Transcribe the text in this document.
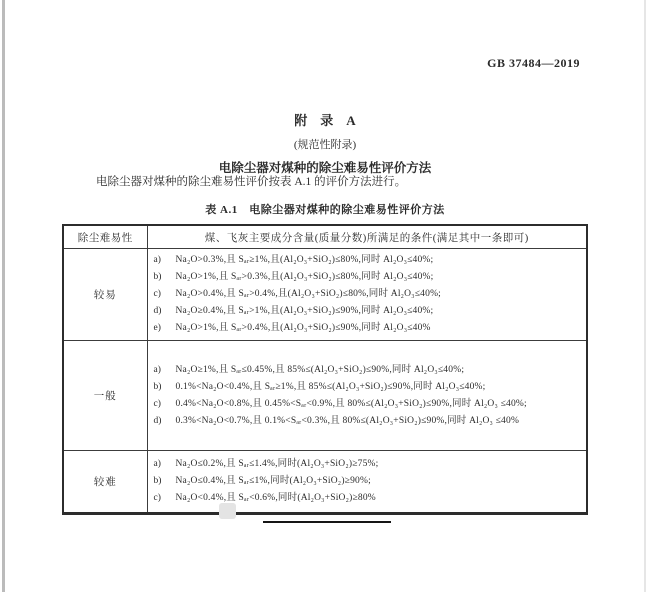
GB 37484—2019
附　录　A
(规范性附录)
电除尘器对煤种的除尘难易性评价方法

电除尘器对煤种的除尘难易性评价按表 A.1 的评价方法进行。

表 A.1　电除尘器对煤种的除尘难易性评价方法
除尘难易性	煤、飞灰主要成分含量(质量分数)所满足的条件(满足其中一条即可)
较易	
a)	Na₂O>0.3%,且 Sₐᵣ≥1%,且(Al₂O₃+SiO₂)≤80%,同时 Al₂O₃≤40%;
b)	Na₂O>1%,且 Sₐᵣ>0.3%,且(Al₂O₃+SiO₂)≤80%,同时 Al₂O₃≤40%;
c)	Na₂O>0.4%,且 Sₐᵣ>0.4%,且(Al₂O₃+SiO₂)≤80%,同时 Al₂O₃≤40%;
d)	Na₂O≥0.4%,且 Sₐᵣ>1%,且(Al₂O₃+SiO₂)≤90%,同时 Al₂O₃≤40%;
e)	Na₂O>1%,且 Sₐᵣ>0.4%,且(Al₂O₃+SiO₂)≤90%,同时 Al₂O₃≤40%

一般	
a)	Na₂O≥1%,且 Sₐᵣ≤0.45%,且 85%≤(Al₂O₃+SiO₂)≤90%,同时 Al₂O₃≤40%;
b)	0.1%<Na₂O<0.4%,且 Sₐᵣ≥1%,且 85%≤(Al₂O₃+SiO₂)≤90%,同时 Al₂O₃≤40%;
c)	0.4%<Na₂O<0.8%,且 0.45%<Sₐᵣ<0.9%,且 80%≤(Al₂O₃+SiO₂)≤90%,同时 Al₂O₃ ≤40%;
d)	0.3%<Na₂O<0.7%,且 0.1%<Sₐᵣ<0.3%,且 80%≤(Al₂O₃+SiO₂)≤90%,同时 Al₂O₃ ≤40%

较难	
a)	Na₂O≤0.2%,且 Sₐᵣ≤1.4%,同时(Al₂O₃+SiO₂)≥75%;
b)	Na₂O≤0.4%,且 Sₐᵣ≤1%,同时(Al₂O₃+SiO₂)≥90%;
c)	Na₂O<0.4%,且 Sₐᵣ<0.6%,同时(Al₂O₃+SiO₂)≥80%
